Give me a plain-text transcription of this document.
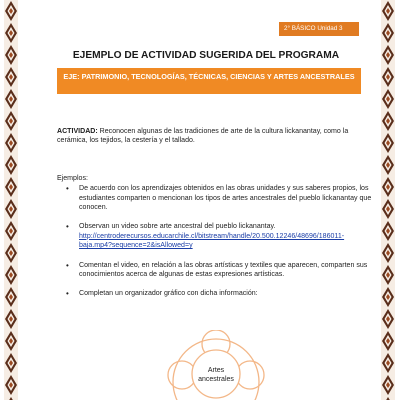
2° BÁSICO Unidad 3
EJEMPLO DE ACTIVIDAD SUGERIDA DEL PROGRAMA
EJE: PATRIMONIO, TECNOLOGÍAS, TÉCNICAS, CIENCIAS Y ARTES ANCESTRALES

ACTIVIDAD: Reconocen algunas de las tradiciones de arte de la cultura lickanantay, como la cerámica, los tejidos, la cestería y el tallado.

Ejemplos:

• De acuerdo con los aprendizajes obtenidos en las obras unidades y sus saberes propios, los estudiantes comparten o mencionan los tipos de artes ancestrales del pueblo lickanantay que conocen.
• Observan un video sobre arte ancestral del pueblo lickanantay.
http://centroderecursos.educarchile.cl/bitstream/handle/20.500.12246/48696/186011-baja.mp4?sequence=2&isAllowed=y
• Comentan el video, en relación a las obras artísticas y textiles que aparecen, comparten sus conocimientos acerca de algunas de estas expresiones artísticas.
• Completan un organizador gráfico con dicha información:
Artes ancestrales
